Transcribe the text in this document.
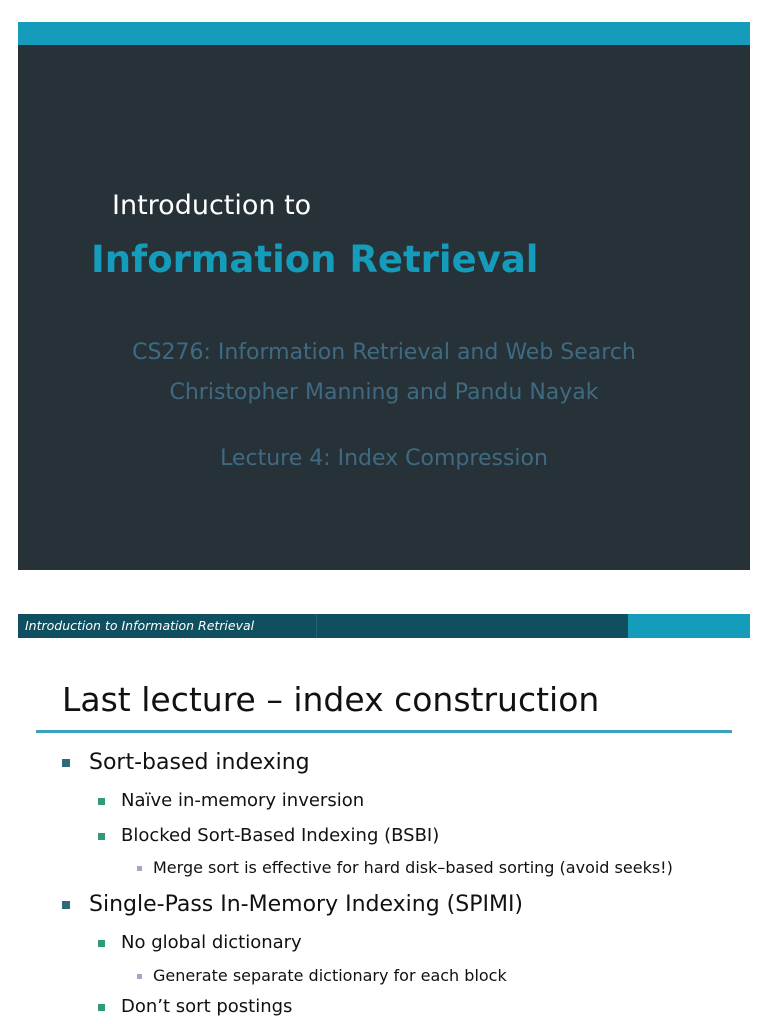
Introduction to
Information Retrieval
CS276: Information Retrieval and Web Search
Christopher Manning and Pandu Nayak
Lecture 4: Index Compression
Introduction to Information Retrieval
Last lecture – index construction
Sort-based indexing
Naïve in-memory inversion
Blocked Sort-Based Indexing (BSBI)
Merge sort is effective for hard disk–based sorting (avoid seeks!)
Single-Pass In-Memory Indexing (SPIMI)
No global dictionary
Generate separate dictionary for each block
Don’t sort postings
